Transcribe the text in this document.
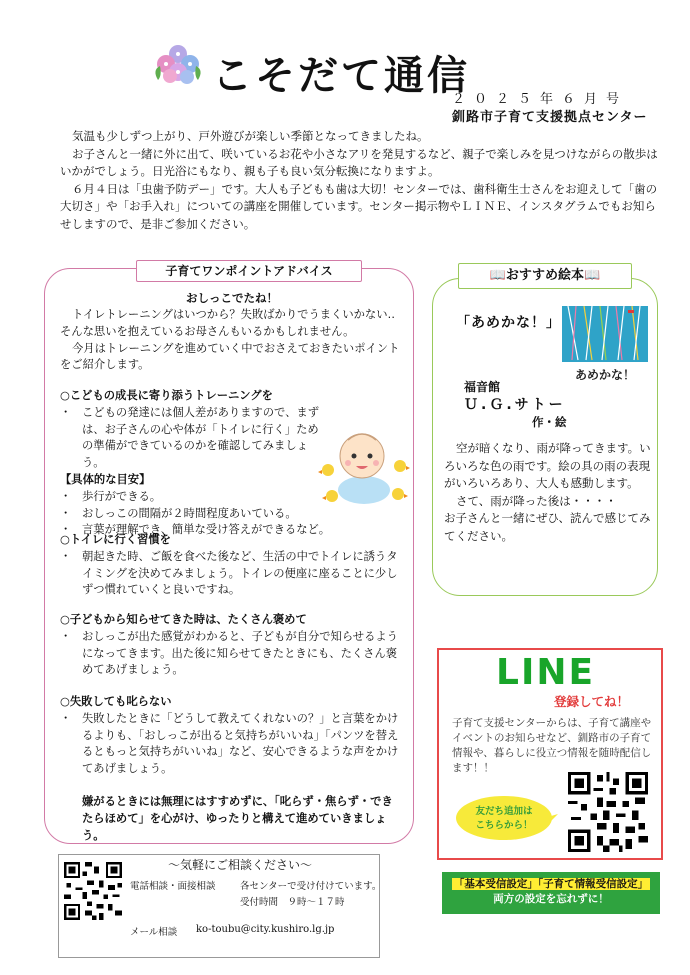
こそだて通信
２０２５年６月号
釧路市子育て支援拠点センター

気温も少しずつ上がり、戸外遊びが楽しい季節となってきましたね。

お子さんと一緒に外に出て、咲いているお花や小さなアリを発見するなど、親子で楽しみを見つけながらの散歩はいかがでしょう。日光浴にもなり、親も子も良い気分転換になりますよ。

６月４日は「虫歯予防デー」です。大人も子どもも歯は大切！センターでは、歯科衛生士さんをお迎えして「歯の大切さ」や「お手入れ」についての講座を開催しています。センター掲示物やＬＩＮＥ、インスタグラムでもお知らせしますので、是非ご参加ください。

子育てワンポイントアドバイス
おしっこでたね！

トイレトレーニングはいつから？失敗ばかりでうまくいかない‥そんな思いを抱えているお母さんもいるかもしれません。

今月はトレーニングを進めていく中でおさえておきたいポイントをご紹介します。

○こどもの成長に寄り添うトレーニングを
・ こどもの発達には個人差がありますので、まずは、お子さんの心や体が「トイレに行く」ための準備ができているのかを確認してみましょう。
【具体的な目安】
・ 歩行ができる。
・ おしっこの間隔が２時間程度あいている。
・ 言葉が理解でき、簡単な受け答えができるなど。
○トイレに行く習慣を
・ 朝起きた時、ご飯を食べた後など、生活の中でトイレに誘うタイミングを決めてみましょう。トイレの便座に座ることに少しずつ慣れていくと良いですね。
○子どもから知らせてきた時は、たくさん褒めて
・ おしっこが出た感覚がわかると、子どもが自分で知らせるようになってきます。出た後に知らせてきたときにも、たくさん褒めてあげましょう。
○失敗しても叱らない
・ 失敗したときに「どうして教えてくれないの？」と言葉をかけるよりも、「おしっこが出ると気持ちがいいね」「パンツを替えるともっと気持ちがいいね」など、安心できるような声をかけてあげましょう。
嫌がるときには無理にはすすめずに、「叱らず・焦らず・できたらほめて」を心がけ、ゆったりと構えて進めていきましょう。
📖おすすめ絵本📖
「あめかな！」
あめかな！
福音館
Ｕ.Ｇ.サトー
作・絵

空が暗くなり、雨が降ってきます。いろいろな色の雨です。絵の具の雨の表現がいろいろあり、大人も感動します。

さて、雨が降った後は・・・・

お子さんと一緒にぜひ、読んで感じてみてください。

LINE
登録してね！
子育て支援センターからは、子育て講座やイベントのお知らせなど、釧路市の子育て情報や、暮らしに役立つ情報を随時配信します！！
友だち追加は
こちらから！
～気軽にご相談ください～
電話相談・面接相談	各センターで受け付けています。
受付時間　９時～１７時
メール相談 ko-toubu@city.kushiro.lg.jp
「基本受信設定」「子育て情報受信設定」
両方の設定を忘れずに！
